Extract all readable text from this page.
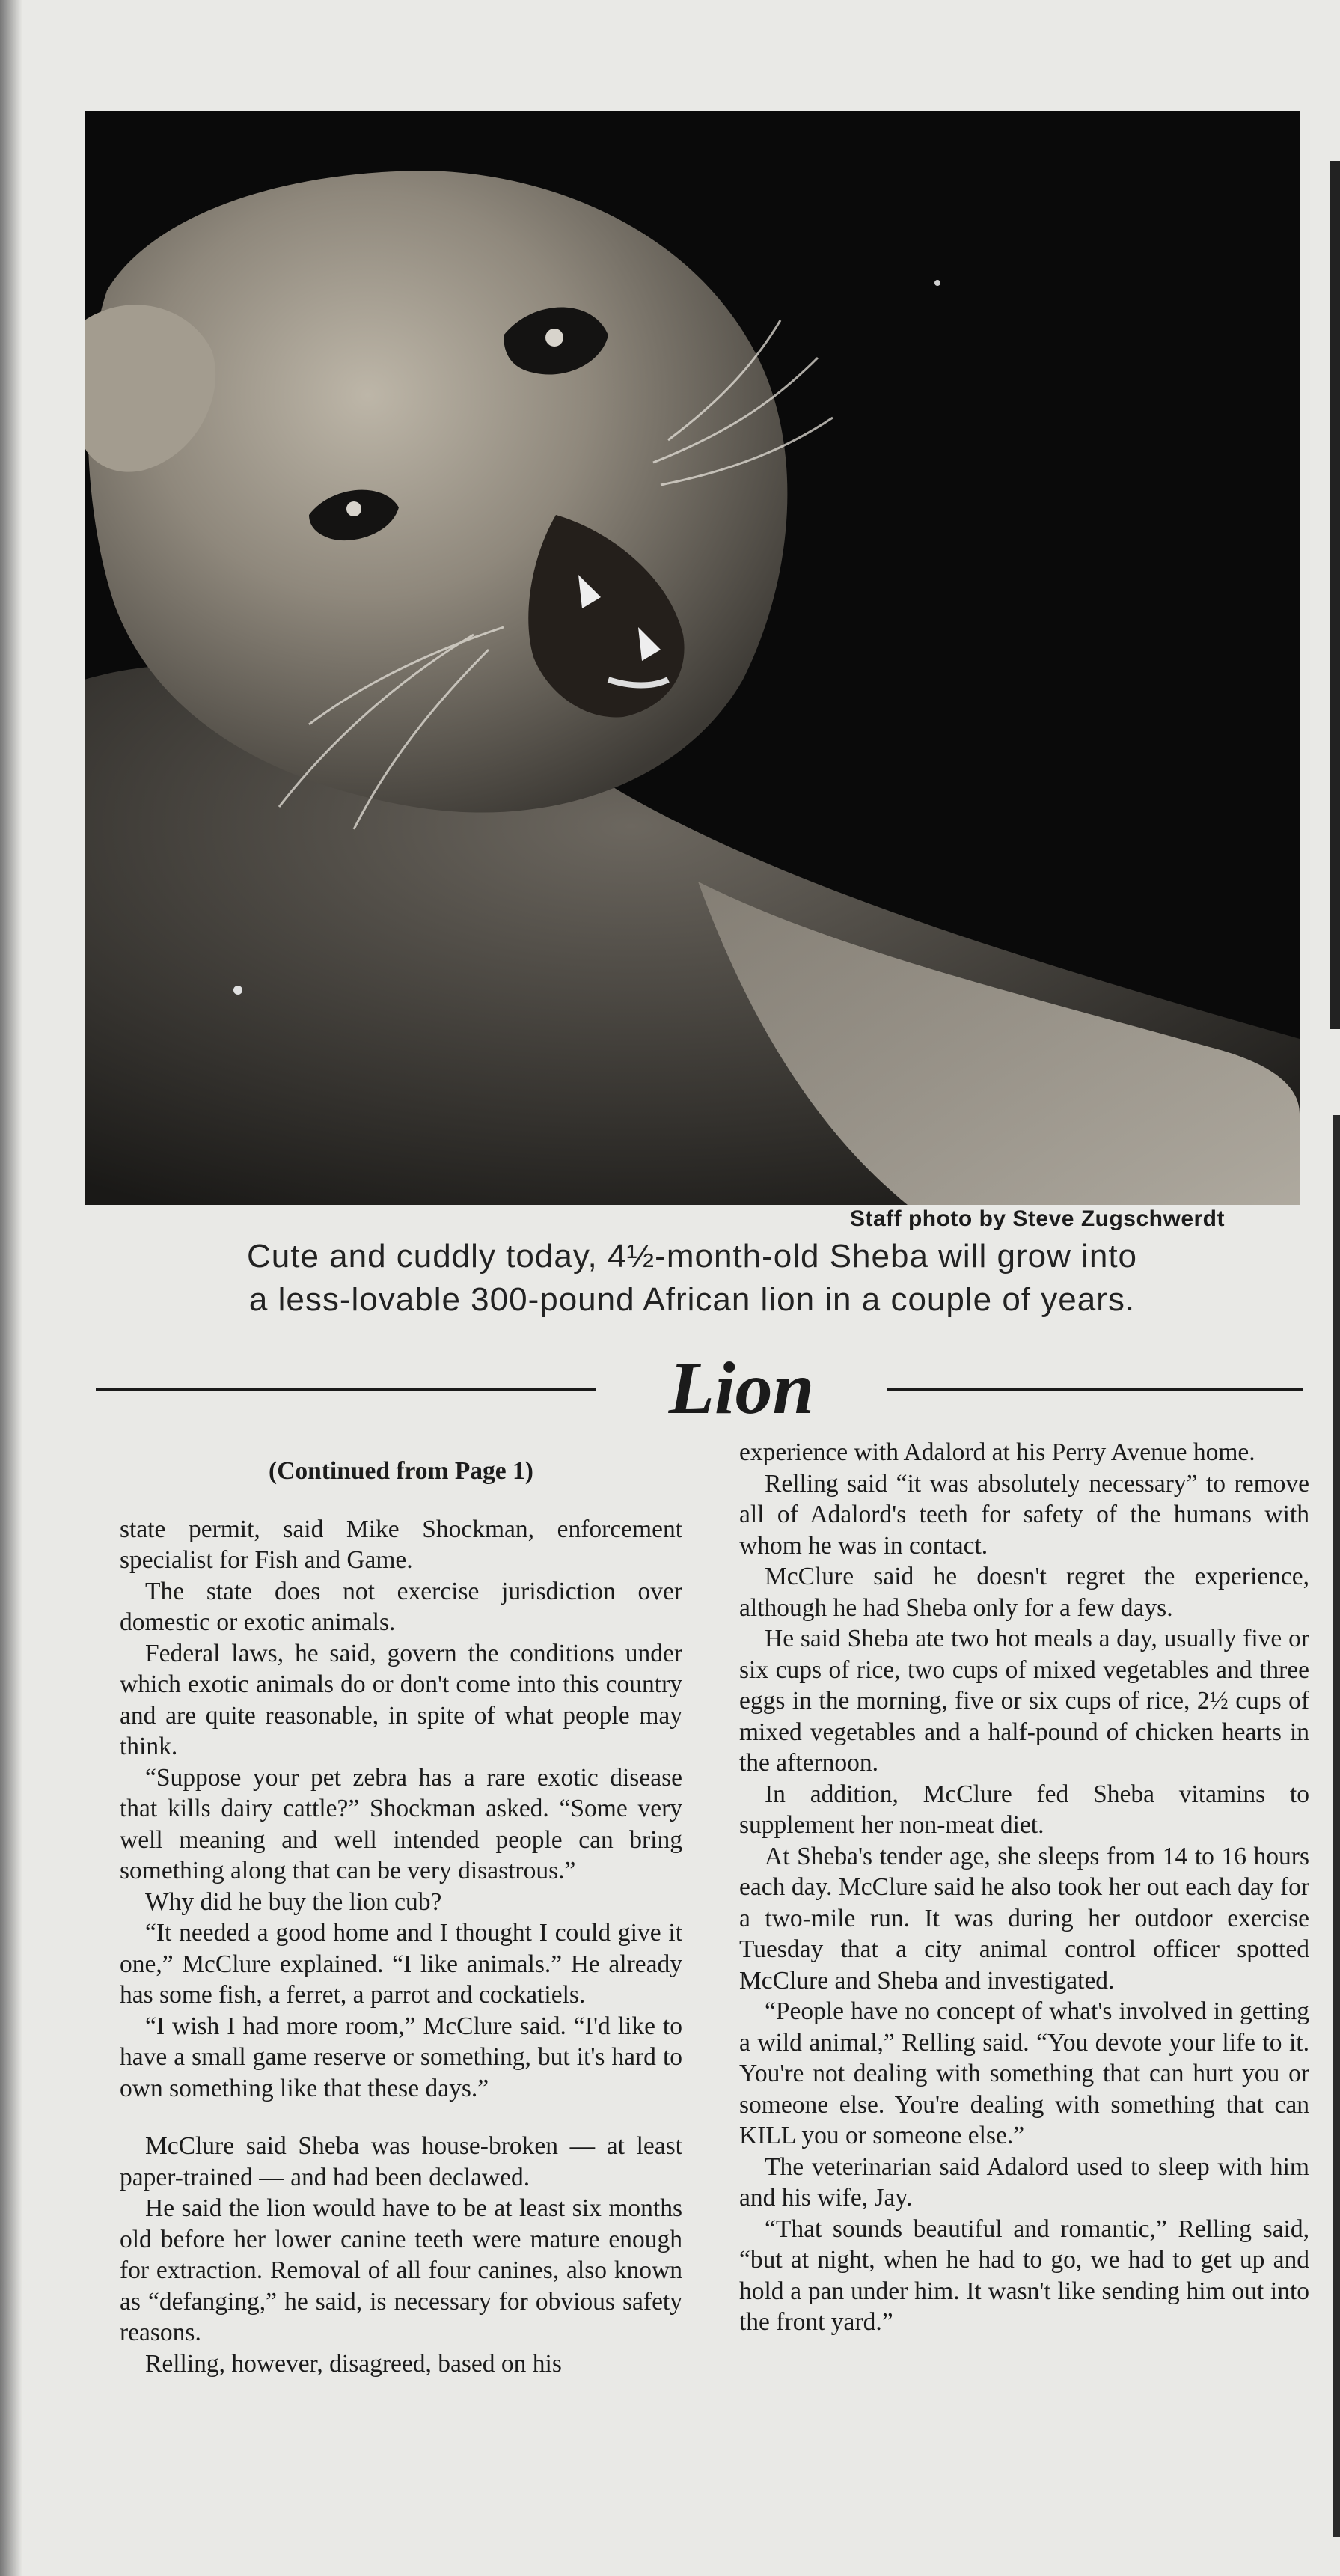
Staff photo by Steve Zugschwerdt
Cute and cuddly today, 4½-month-old Sheba will grow into
a less-lovable 300-pound African lion in a couple of years.
Lion

(Continued from Page 1)

state permit, said Mike Shockman, enforcement specialist for Fish and Game.

The state does not exercise jurisdiction over domestic or exotic animals.

Federal laws, he said, govern the conditions under which exotic animals do or don't come into this country and are quite reasonable, in spite of what people may think.

“Suppose your pet zebra has a rare exotic disease that kills dairy cattle?” Shockman asked. “Some very well meaning and well intended people can bring something along that can be very disastrous.”

Why did he buy the lion cub?

“It needed a good home and I thought I could give it one,” McClure explained. “I like animals.” He already has some fish, a ferret, a parrot and cockatiels.

“I wish I had more room,” McClure said. “I'd like to have a small game reserve or something, but it's hard to own something like that these days.”

McClure said Sheba was house-broken — at least paper-trained — and had been declawed.

He said the lion would have to be at least six months old before her lower canine teeth were mature enough for extraction. Removal of all four canines, also known as “defanging,” he said, is necessary for obvious safety reasons.

Relling, however, disagreed, based on his

experience with Adalord at his Perry Avenue home.

Relling said “it was absolutely necessary” to remove all of Adalord's teeth for safety of the humans with whom he was in contact.

McClure said he doesn't regret the experience, although he had Sheba only for a few days.

He said Sheba ate two hot meals a day, usually five or six cups of rice, two cups of mixed vegetables and three eggs in the morning, five or six cups of rice, 2½ cups of mixed vegetables and a half-pound of chicken hearts in the afternoon.

In addition, McClure fed Sheba vitamins to supplement her non-meat diet.

At Sheba's tender age, she sleeps from 14 to 16 hours each day. McClure said he also took her out each day for a two-mile run. It was during her outdoor exercise Tuesday that a city animal control officer spotted McClure and Sheba and investigated.

“People have no concept of what's involved in getting a wild animal,” Relling said. “You devote your life to it. You're not dealing with something that can hurt you or someone else. You're dealing with something that can KILL you or someone else.”

The veterinarian said Adalord used to sleep with him and his wife, Jay.

“That sounds beautiful and romantic,” Relling said, “but at night, when he had to go, we had to get up and hold a pan under him. It wasn't like sending him out into the front yard.”
